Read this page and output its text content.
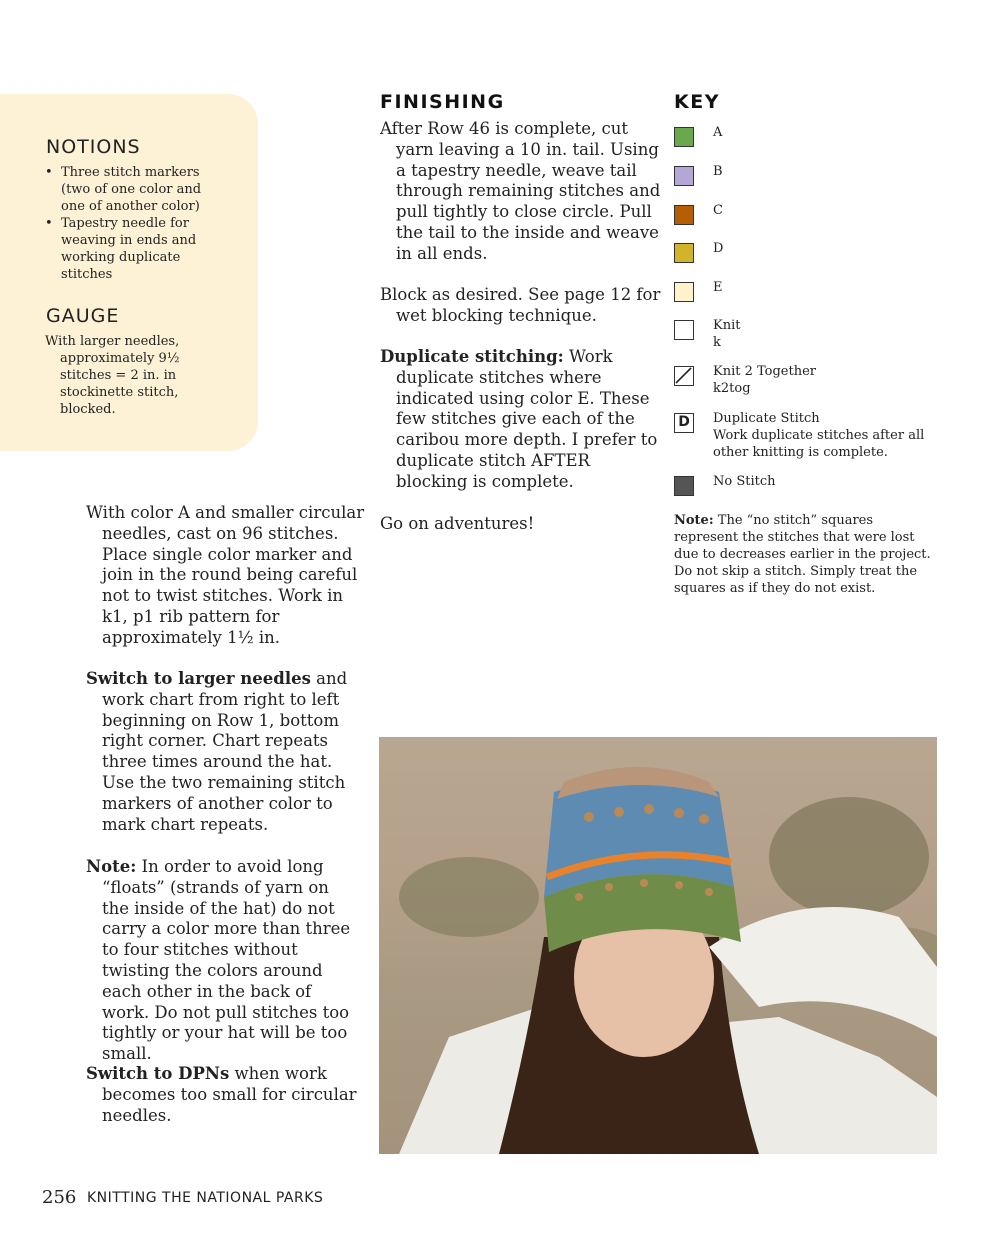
NOTIONS
• Three stitch markers (two of one color and one of another color)
• Tapestry needle for weaving in ends and working duplicate stitches
GAUGE
With larger needles, approximately 9½ stitches = 2 in. in stockinette stitch, blocked.

With color A and smaller circular needles, cast on 96 stitches. Place single color marker and join in the round being careful not to twist stitches. Work in k1, p1 rib pattern for approximately 1½ in.

Switch to larger needles and work chart from right to left beginning on Row 1, bottom right corner. Chart repeats three times around the hat. Use the two remaining stitch markers of another color to mark chart repeats.

Note: In order to avoid long “floats” (strands of yarn on the inside of the hat) do not carry a color more than three to four stitches without twisting the colors around each other in the back of work. Do not pull stitches too tightly or your hat will be too small.

Switch to DPNs when work becomes too small for circular needles.

FINISHING

After Row 46 is complete, cut yarn leaving a 10 in. tail. Using a tapestry needle, weave tail through remaining stitches and pull tightly to close circle. Pull the tail to the inside and weave in all ends.

Block as desired. See page 12 for wet blocking technique.

Duplicate stitching: Work duplicate stitches where indicated using color E. These few stitches give each of the caribou more depth. I prefer to duplicate stitch AFTER blocking is complete.

Go on adventures!

KEY
A
B
C
D
E
Knit
k
Knit 2 Together
k2tog
D	Duplicate Stitch
Work duplicate stitches after all other knitting is complete.
No Stitch

Note: The “no stitch” squares represent the stitches that were lost due to decreases earlier in the project. Do not skip a stitch. Simply treat the squares as if they do not exist.

256 KNITTING THE NATIONAL PARKS
